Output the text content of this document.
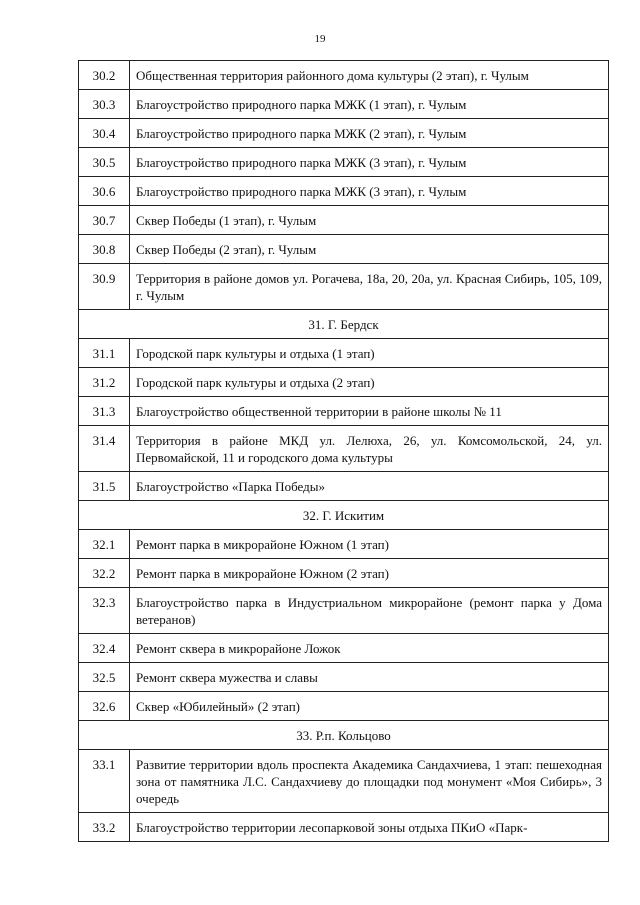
19
30.2	Общественная территория районного дома культуры (2 этап), г. Чулым
30.3	Благоустройство природного парка МЖК (1 этап), г. Чулым
30.4	Благоустройство природного парка МЖК (2 этап), г. Чулым
30.5	Благоустройство природного парка МЖК (3 этап), г. Чулым
30.6	Благоустройство природного парка МЖК (3 этап), г. Чулым
30.7	Сквер Победы (1 этап), г. Чулым
30.8	Сквер Победы (2 этап), г. Чулым
30.9	Территория в районе домов ул. Рогачева, 18а, 20, 20а, ул. Красная Сибирь, 105, 109, г. Чулым
31. Г. Бердск	
31.1	Городской парк культуры и отдыха (1 этап)
31.2	Городской парк культуры и отдыха (2 этап)
31.3	Благоустройство общественной территории в районе школы № 11
31.4	Территория в районе МКД ул. Лелюха, 26, ул. Комсомольской, 24, ул. Первомайской, 11 и городского дома культуры
31.5	Благоустройство «Парка Победы»
32. Г. Искитим	
32.1	Ремонт парка в микрорайоне Южном (1 этап)
32.2	Ремонт парка в микрорайоне Южном (2 этап)
32.3	Благоустройство парка в Индустриальном микрорайоне (ремонт парка у Дома ветеранов)
32.4	Ремонт сквера в микрорайоне Ложок
32.5	Ремонт сквера мужества и славы
32.6	Сквер «Юбилейный» (2 этап)
33. Р.п. Кольцово	
33.1	Развитие территории вдоль проспекта Академика Сандахчиева, 1 этап: пешеходная зона от памятника Л.С. Сандахчиеву до площадки под монумент «Моя Сибирь», 3 очередь
33.2	Благоустройство территории лесопарковой зоны отдыха ПКиО «Парк-
